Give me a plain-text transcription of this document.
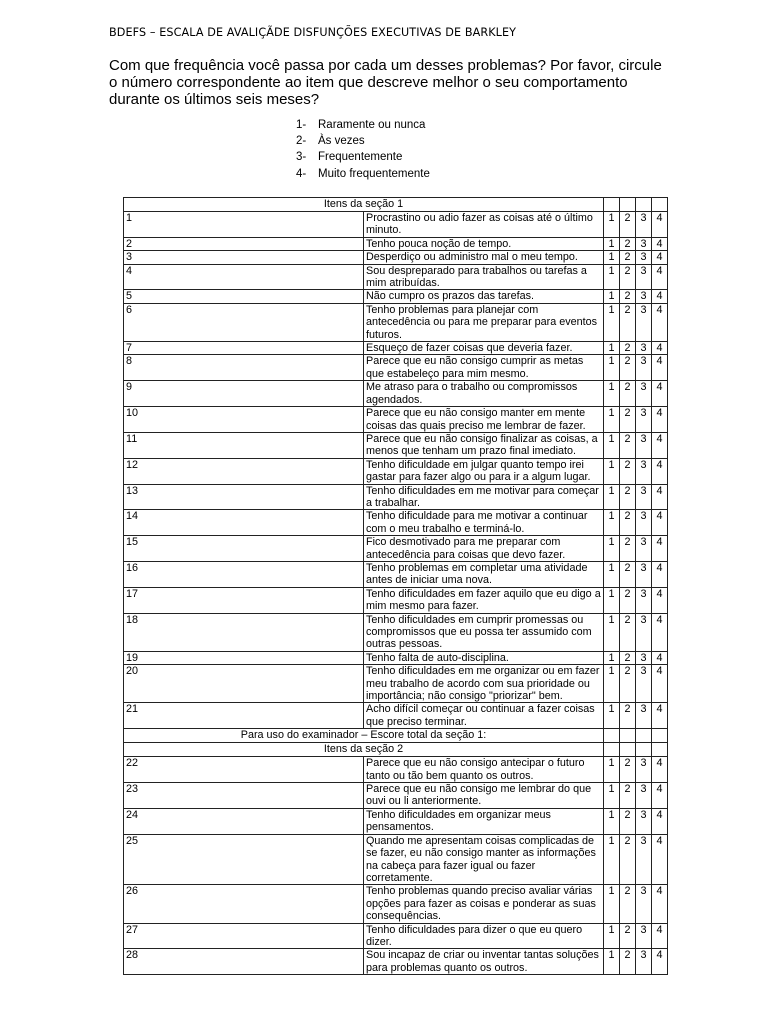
BDEFS – ESCALA DE AVALIÇÃDE DISFUNÇÕES EXECUTIVAS DE BARKLEY
Com que frequência você passa por cada um desses problemas? Por favor, circule o número correspondente ao item que descreve melhor o seu comportamento durante os últimos seis meses?
1-	Raramente ou nunca
2-	Às vezes
3-	Frequentemente
4-	Muito frequentemente
Itens da seção 1					
1	Procrastino ou adio fazer as coisas até o último minuto.	1	2	3	4

2	Tenho pouca noção de tempo.	1	2	3	4

3	Desperdiço ou administro mal o meu tempo.	1	2	3	4

4	Sou despreparado para trabalhos ou tarefas a mim atribuídas.	1	2	3	4

5	Não cumpro os prazos das tarefas.	1	2	3	4

6	Tenho problemas para planejar com antecedência ou para me preparar para eventos futuros.	1	2	3	4

7	Esqueço de fazer coisas que deveria fazer.	1	2	3	4

8	Parece que eu não consigo cumprir as metas que estabeleço para mim mesmo.	1	2	3	4

9	Me atraso para o trabalho ou compromissos agendados.	1	2	3	4

10	Parece que eu não consigo manter em mente coisas das quais preciso me lembrar de fazer.	1	2	3	4

11	Parece que eu não consigo finalizar as coisas, a menos que tenham um prazo final imediato.	1	2	3	4

12	Tenho dificuldade em julgar quanto tempo irei gastar para fazer algo ou para ir a algum lugar.	1	2	3	4

13	Tenho dificuldades em me motivar para começar a trabalhar.	1	2	3	4

14	Tenho dificuldade para me motivar a continuar com o meu trabalho e terminá-lo.	1	2	3	4

15	Fico desmotivado para me preparar com antecedência para coisas que devo fazer.	1	2	3	4

16	Tenho problemas em completar uma atividade antes de iniciar uma nova.	1	2	3	4

17	Tenho dificuldades em fazer aquilo que eu digo a mim mesmo para fazer.	1	2	3	4

18	Tenho dificuldades em cumprir promessas ou compromissos que eu possa ter assumido com outras pessoas.	1	2	3	4

19	Tenho falta de auto-disciplina.	1	2	3	4

20	Tenho dificuldades em me organizar ou em fazer meu trabalho de acordo com sua prioridade ou importância; não consigo "priorizar" bem.	1	2	3	4

21	Acho difícil começar ou continuar a fazer coisas que preciso terminar.	1	2	3	4

Para uso do examinador – Escore total da seção 1:					
Itens da seção 2					
22	Parece que eu não consigo antecipar o futuro tanto ou tão bem quanto os outros.	1	2	3	4

23	Parece que eu não consigo me lembrar do que ouvi ou li anteriormente.	1	2	3	4

24	Tenho dificuldades em organizar meus pensamentos.	1	2	3	4

25	Quando me apresentam coisas complicadas de se fazer, eu não consigo manter as informações na cabeça para fazer igual ou fazer corretamente.	1	2	3	4

26	Tenho problemas quando preciso avaliar várias opções para fazer as coisas e ponderar as suas consequências.	1	2	3	4

27	Tenho dificuldades para dizer o que eu quero dizer.	1	2	3	4

28	Sou incapaz de criar ou inventar tantas soluções para problemas quanto os outros.	1	2	3	4
